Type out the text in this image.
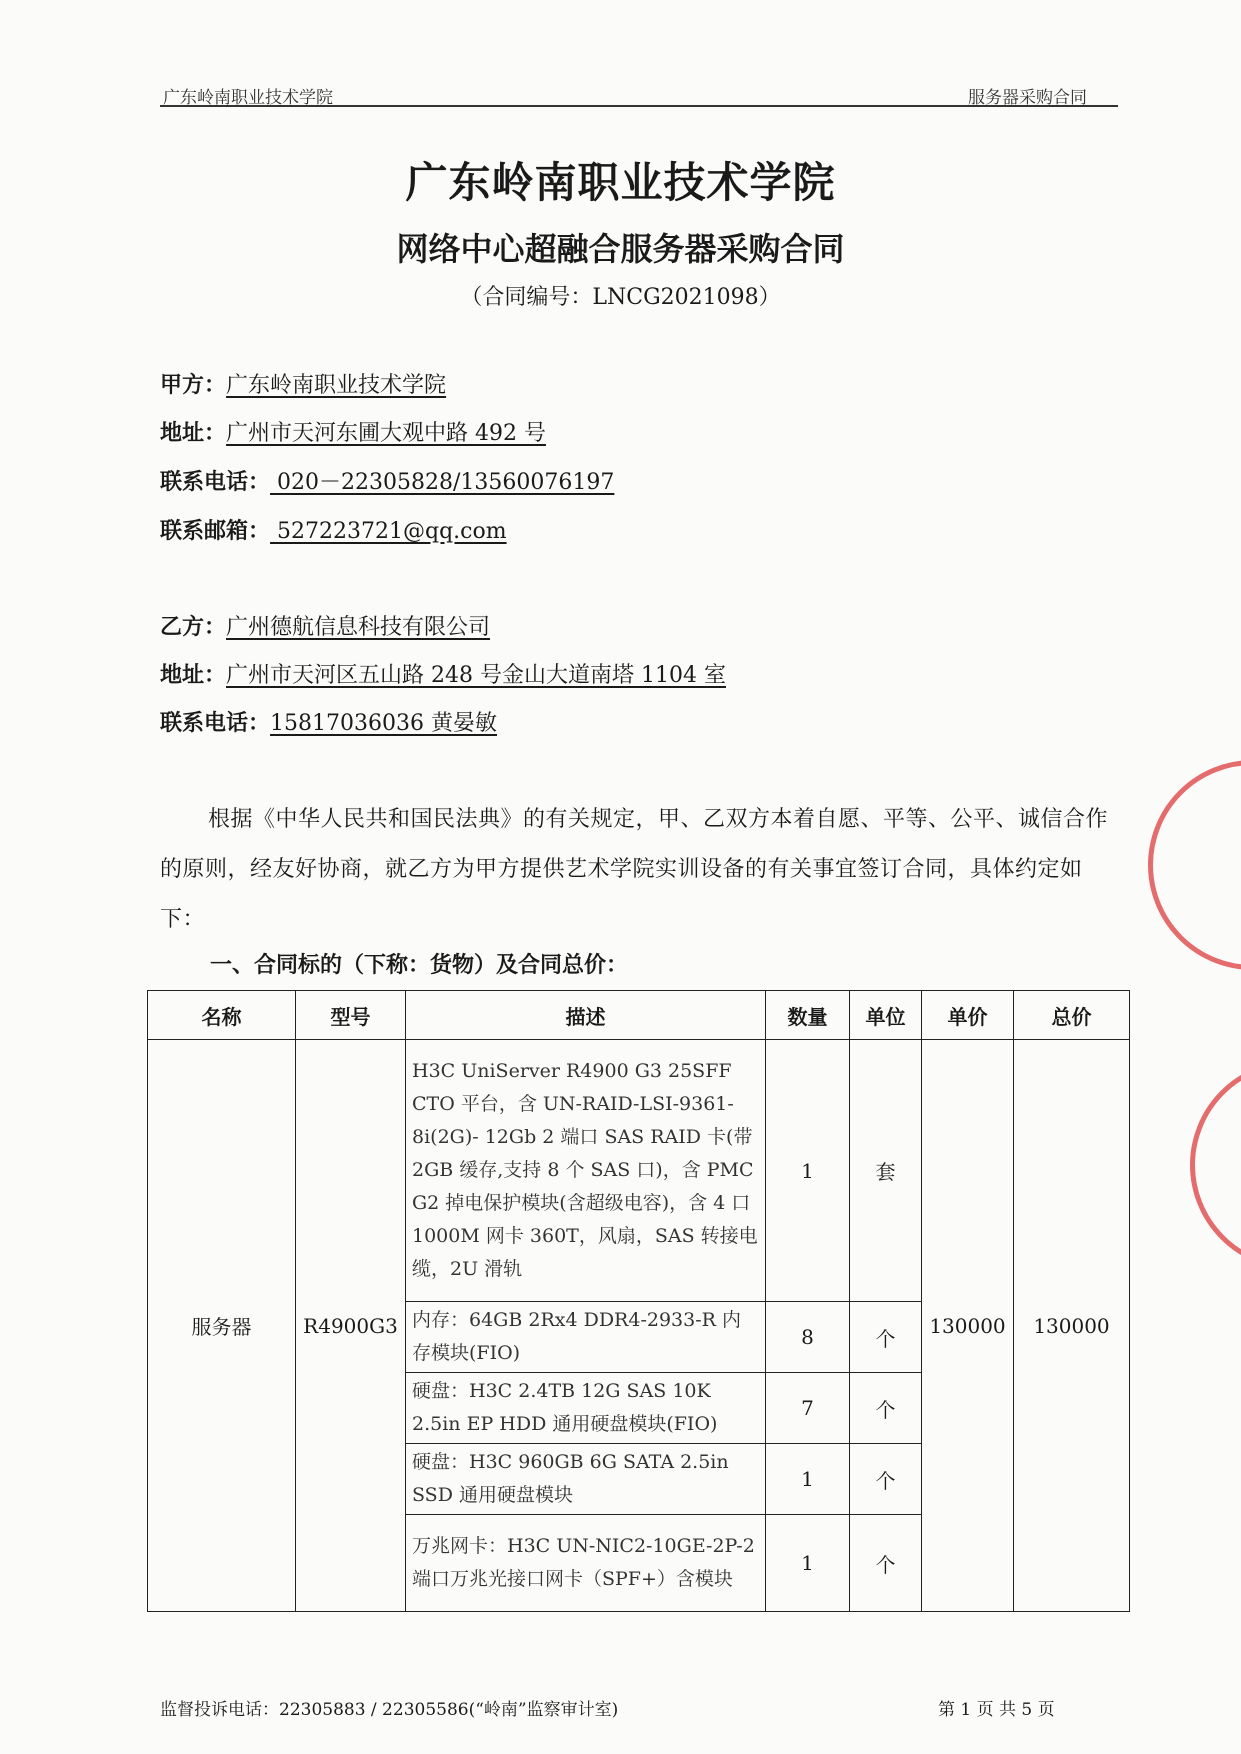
广东岭南职业技术学院	服务器采购合同
广东岭南职业技术学院
网络中心超融合服务器采购合同
（合同编号：LNCG2021098）
甲方：广东岭南职业技术学院
地址：广州市天河东圃大观中路 492 号
联系电话： 020－22305828/13560076197
联系邮箱： 527223721@qq.com
乙方：广州德航信息科技有限公司
地址：广州市天河区五山路 248 号金山大道南塔 1104 室
联系电话：15817036036 黄晏敏
根据《中华人民共和国民法典》的有关规定，甲、乙双方本着自愿、平等、公平、诚信合作的原则，经友好协商，就乙方为甲方提供艺术学院实训设备的有关事宜签订合同，具体约定如下：
一、合同标的（下称：货物）及合同总价：
名称	型号	描述	数量	单位	单价	总价
服务器	R4900G3	H3C UniServer R4900 G3 25SFF CTO 平台，含 UN-RAID-LSI-9361-8i(2G)- 12Gb 2 端口 SAS RAID 卡(带 2GB 缓存,支持 8 个 SAS 口)，含 PMC G2 掉电保护模块(含超级电容)，含 4 口 1000M 网卡 360T，风扇，SAS 转接电缆，2U 滑轨	1	套	130000	130000
		内存：64GB 2Rx4 DDR4-2933-R 内存模块(FIO)	8	个		
		硬盘：H3C 2.4TB 12G SAS 10K 2.5in EP HDD 通用硬盘模块(FIO)	7	个		
		硬盘：H3C 960GB 6G SATA 2.5in SSD 通用硬盘模块	1	个		
		万兆网卡：H3C UN-NIC2-10GE-2P-2 端口万兆光接口网卡（SPF+）含模块	1	个		
监督投诉电话：22305883 / 22305586(“岭南”监察审计室)	第 1 页 共 5 页
